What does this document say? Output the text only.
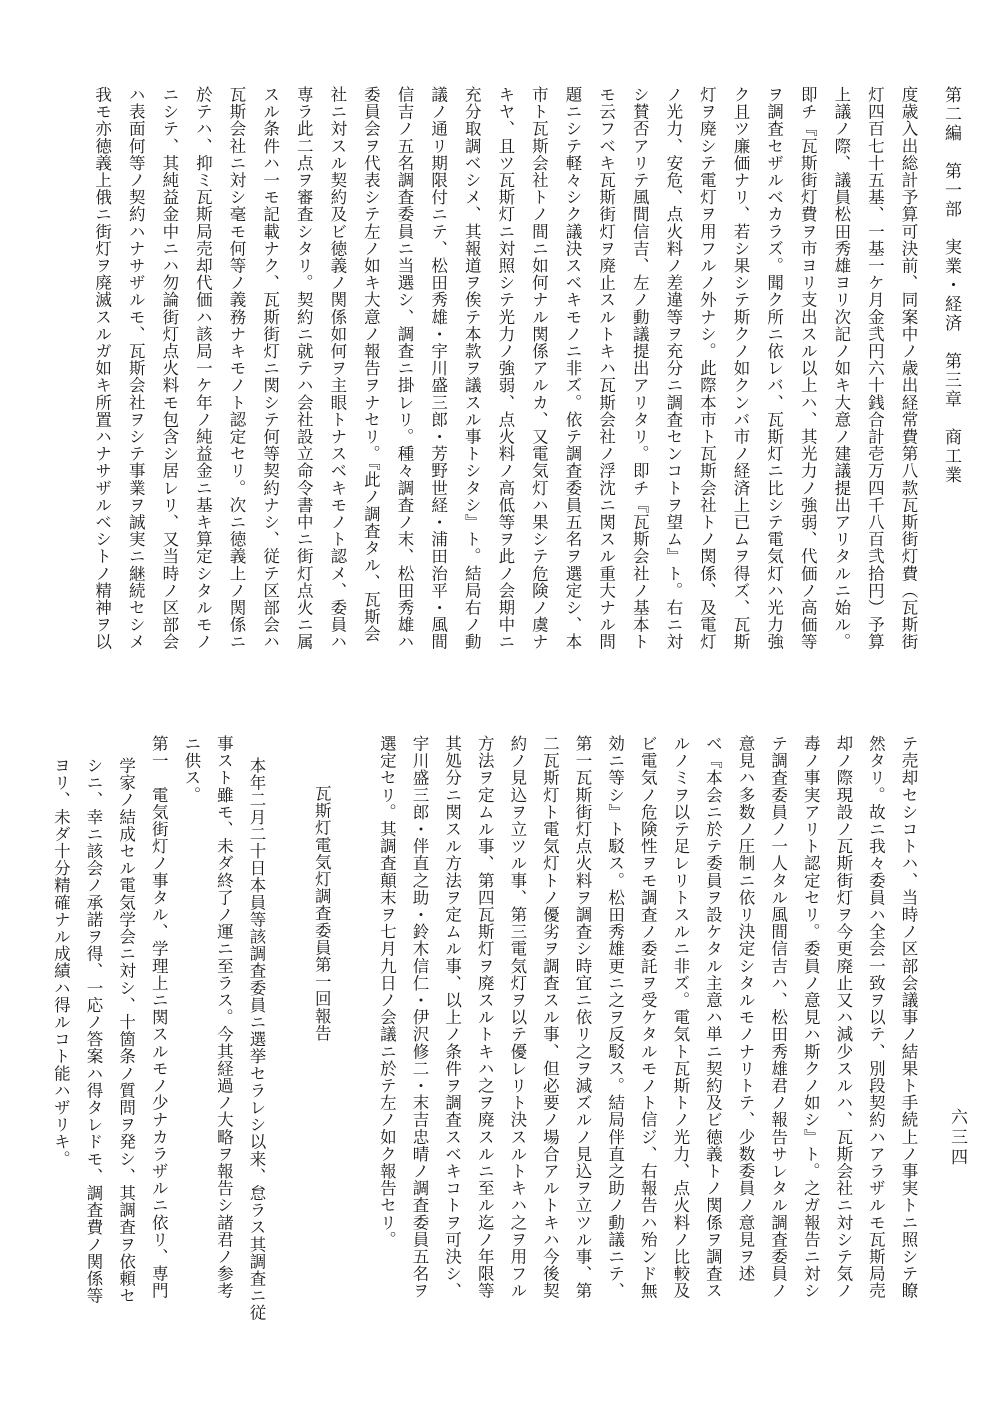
第二編　第一部　実業・経済　第三章　商工業
六三四
度歳入出総計予算可決前、同案中ノ歳出経常費第八款瓦斯街灯費（瓦斯街
灯四百七十五基、一基一ケ月金弐円六十銭合計壱万四千八百弐拾円）予算
上議ノ際、議員松田秀雄ヨリ次記ノ如キ大意ノ建議提出アリタルニ始ル。
即チ『瓦斯街灯費ヲ市ヨリ支出スル以上ハ、其光力ノ強弱、代価ノ高価等
ヲ調査セザルベカラズ。聞ク所ニ依レバ、瓦斯灯ニ比シテ電気灯ハ光力強
ク且ツ廉価ナリ、若シ果シテ斯クノ如クンバ市ノ経済上已ムヲ得ズ、瓦斯
灯ヲ廃シテ電灯ヲ用フルノ外ナシ。此際本市ト瓦斯会社トノ関係、及電灯
ノ光力、安危、点火料ノ差違等ヲ充分ニ調査センコトヲ望ム』ト。右ニ対
シ賛否アリテ風間信吉、左ノ動議提出アリタリ。即チ『瓦斯会社ノ基本ト
モ云フベキ瓦斯街灯ヲ廃止スルトキハ瓦斯会社ノ浮沈ニ関スル重大ナル問
題ニシテ軽々シク議決スベキモノニ非ズ。依テ調査委員五名ヲ選定シ、本
市ト瓦斯会社トノ間ニ如何ナル関係アルカ、又電気灯ハ果シテ危険ノ虞ナ
キヤ、且ツ瓦斯灯ニ対照シテ光力ノ強弱、点火料ノ高低等ヲ此ノ会期中ニ
充分取調ベシメ、其報道ヲ俟テ本款ヲ議スル事トシタシ』ト。結局右ノ動
議ノ通リ期限付ニテ、松田秀雄・宇川盛三郎・芳野世経・浦田治平・風間
信吉ノ五名調査委員ニ当選シ、調査ニ掛レリ。種々調査ノ末、松田秀雄ハ
委員会ヲ代表シテ左ノ如キ大意ノ報告ヲナセリ。『此ノ調査タル、瓦斯会
社ニ対スル契約及ビ徳義ノ関係如何ヲ主眼トナスベキモノト認メ、委員ハ
専ラ此二点ヲ審査シタリ。契約ニ就テハ会社設立命令書中ニ街灯点火ニ属
スル条件ハ一モ記載ナク、瓦斯街灯ニ関シテ何等契約ナシ、従テ区部会ハ
瓦斯会社ニ対シ毫モ何等ノ義務ナキモノト認定セリ。次ニ徳義上ノ関係ニ
於テハ、抑ミ瓦斯局売却代価ハ該局一ケ年ノ純益金ニ基キ算定シタルモノ
ニシテ、其純益金中ニハ勿論街灯点火料モ包含シ居レリ、又当時ノ区部会
ハ表面何等ノ契約ハナサザルモ、瓦斯会社ヲシテ事業ヲ誠実ニ継続セシメ
我モ亦徳義上俄ニ街灯ヲ廃滅スルガ如キ所置ハナサザルベシトノ精神ヲ以
テ売却セシコトハ、当時ノ区部会議事ノ結果ト手続上ノ事実トニ照シテ瞭
然タリ。故ニ我々委員ハ全会一致ヲ以テ、別段契約ハアラザルモ瓦斯局売
却ノ際現設ノ瓦斯街灯ヲ今更廃止又ハ減少スルハ、瓦斯会社ニ対シテ気ノ
毒ノ事実アリト認定セリ。委員ノ意見ハ斯クノ如シ』ト。之ガ報告ニ対シ
テ調査委員ノ一人タル風間信吉ハ、松田秀雄君ノ報告サレタル調査委員ノ
意見ハ多数ノ圧制ニ依リ決定シタルモノナリトテ、少数委員ノ意見ヲ述
ベ『本会ニ於テ委員ヲ設ケタル主意ハ単ニ契約及ビ徳義トノ関係ヲ調査ス
ルノミヲ以テ足レリトスルニ非ズ。電気ト瓦斯トノ光力、点火料ノ比較及
ビ電気ノ危険性ヲモ調査ノ委託ヲ受ケタルモノト信ジ、右報告ハ殆ンド無
効ニ等シ』ト駁ス。松田秀雄更ニ之ヲ反駁ス。結局伴直之助ノ動議ニテ、
第一瓦斯街灯点火料ヲ調査シ時宜ニ依リ之ヲ減ズルノ見込ヲ立ツル事、第
二瓦斯灯ト電気灯トノ優劣ヲ調査スル事、但必要ノ場合アルトキハ今後契
約ノ見込ヲ立ツル事、第三電気灯ヲ以テ優レリト決スルトキハ之ヲ用フル
方法ヲ定ムル事、第四瓦斯灯ヲ廃スルトキハ之ヲ廃スルニ至ル迄ノ年限等
其処分ニ関スル方法ヲ定ムル事、以上ノ条件ヲ調査スベキコトヲ可決シ、
宇川盛三郎・伴直之助・鈴木信仁・伊沢修二・末吉忠晴ノ調査委員五名ヲ
選定セリ。其調査顛末ヲ七月九日ノ会議ニ於テ左ノ如ク報告セリ。
瓦斯灯電気灯調査委員第一回報告
本年二月二十日本員等該調査委員ニ選挙セラレシ以来、怠ラス其調査ニ従
事スト雖モ、未ダ終了ノ運ニ至ラス。今其経過ノ大略ヲ報告シ諸君ノ参考
ニ供ス。
第一　電気街灯ノ事タル、学理上ニ関スルモノ少ナカラザルニ依リ、専門
学家ノ結成セル電気学会ニ対シ、十箇条ノ質問ヲ発シ、其調査ヲ依頼セ
シニ、幸ニ該会ノ承諾ヲ得、一応ノ答案ハ得タレドモ、調査費ノ関係等
ヨリ、未ダ十分精確ナル成績ハ得ルコト能ハザリキ。
